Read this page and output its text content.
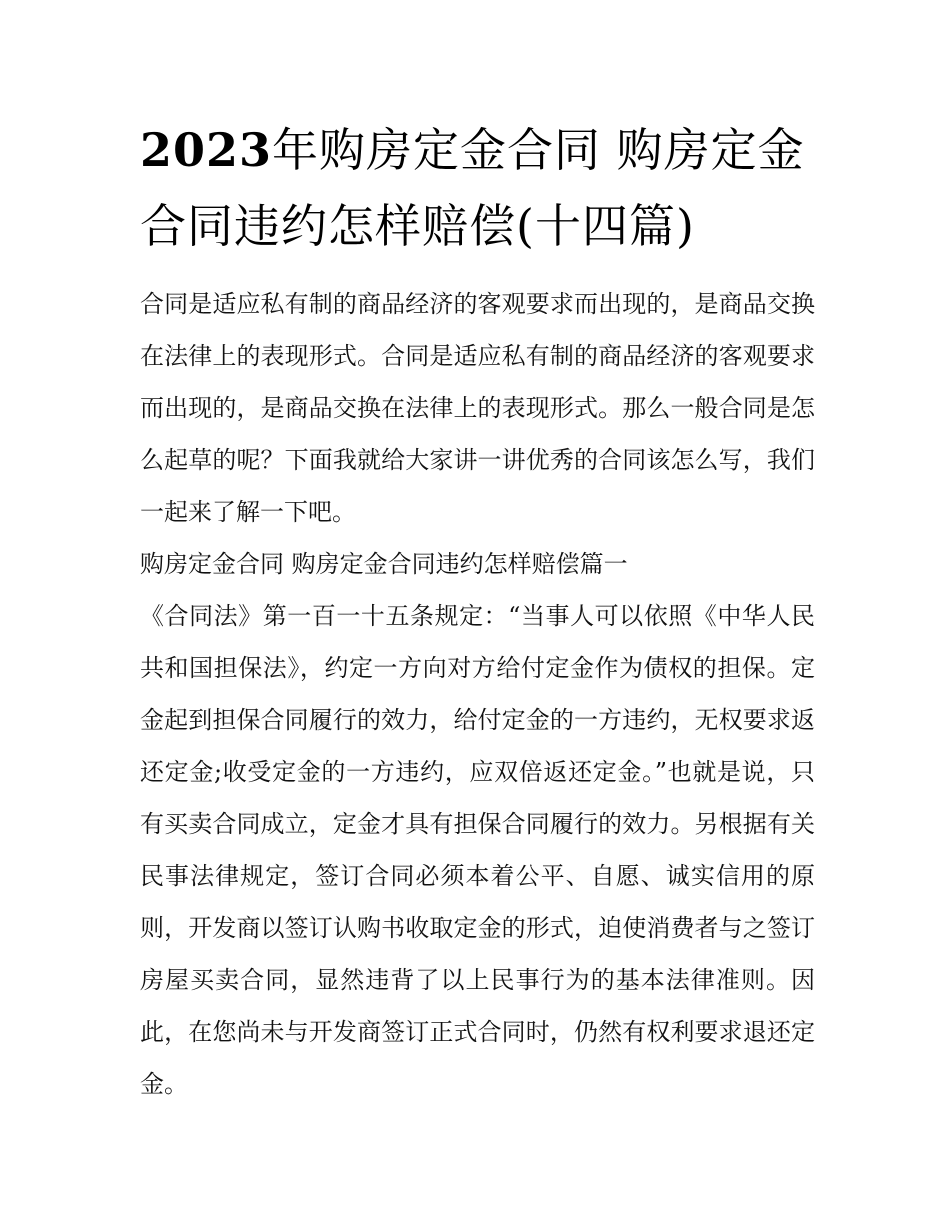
2023年购房定金合同 购房定金合同违约怎样赔偿(十四篇)

合同是适应私有制的商品经济的客观要求而出现的，是商品交换在法律上的表现形式。合同是适应私有制的商品经济的客观要求而出现的，是商品交换在法律上的表现形式。那么一般合同是怎么起草的呢？下面我就给大家讲一讲优秀的合同该怎么写，我们一起来了解一下吧。

购房定金合同 购房定金合同违约怎样赔偿篇一

《合同法》第一百一十五条规定：“当事人可以依照《中华人民共和国担保法》，约定一方向对方给付定金作为债权的担保。定金起到担保合同履行的效力，给付定金的一方违约，无权要求返还定金;收受定金的一方违约，应双倍返还定金。”也就是说，只有买卖合同成立，定金才具有担保合同履行的效力。另根据有关民事法律规定，签订合同必须本着公平、自愿、诚实信用的原则，开发商以签订认购书收取定金的形式，迫使消费者与之签订房屋买卖合同，显然违背了以上民事行为的基本法律准则。因此，在您尚未与开发商签订正式合同时，仍然有权利要求退还定金。
